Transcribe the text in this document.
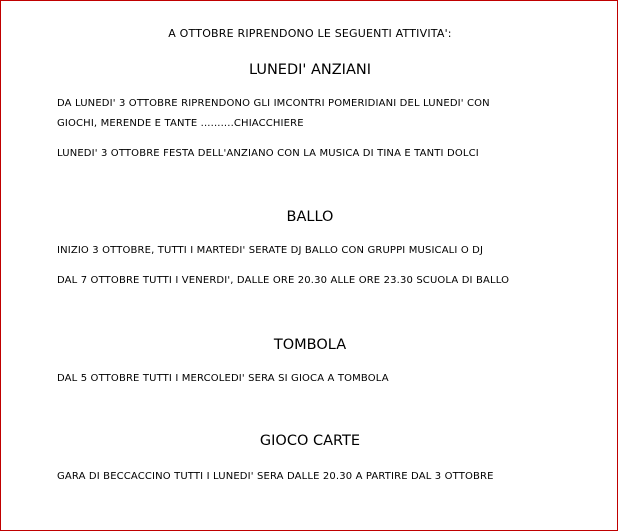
A OTTOBRE RIPRENDONO LE SEGUENTI ATTIVITA':
LUNEDI' ANZIANI
DA LUNEDI' 3 OTTOBRE RIPRENDONO GLI IMCONTRI POMERIDIANI DEL LUNEDI' CON
GIOCHI, MERENDE E TANTE ..........CHIACCHIERE
LUNEDI' 3 OTTOBRE FESTA DELL'ANZIANO CON LA MUSICA DI TINA E TANTI DOLCI
BALLO
INIZIO 3 OTTOBRE, TUTTI I MARTEDI' SERATE DJ BALLO CON GRUPPI MUSICALI O DJ
DAL 7 OTTOBRE TUTTI I VENERDI', DALLE ORE 20.30 ALLE ORE 23.30 SCUOLA DI BALLO
TOMBOLA
DAL 5 OTTOBRE TUTTI I MERCOLEDI' SERA SI GIOCA A TOMBOLA
GIOCO CARTE
GARA DI BECCACCINO TUTTI I LUNEDI' SERA DALLE 20.30 A PARTIRE DAL 3 OTTOBRE
